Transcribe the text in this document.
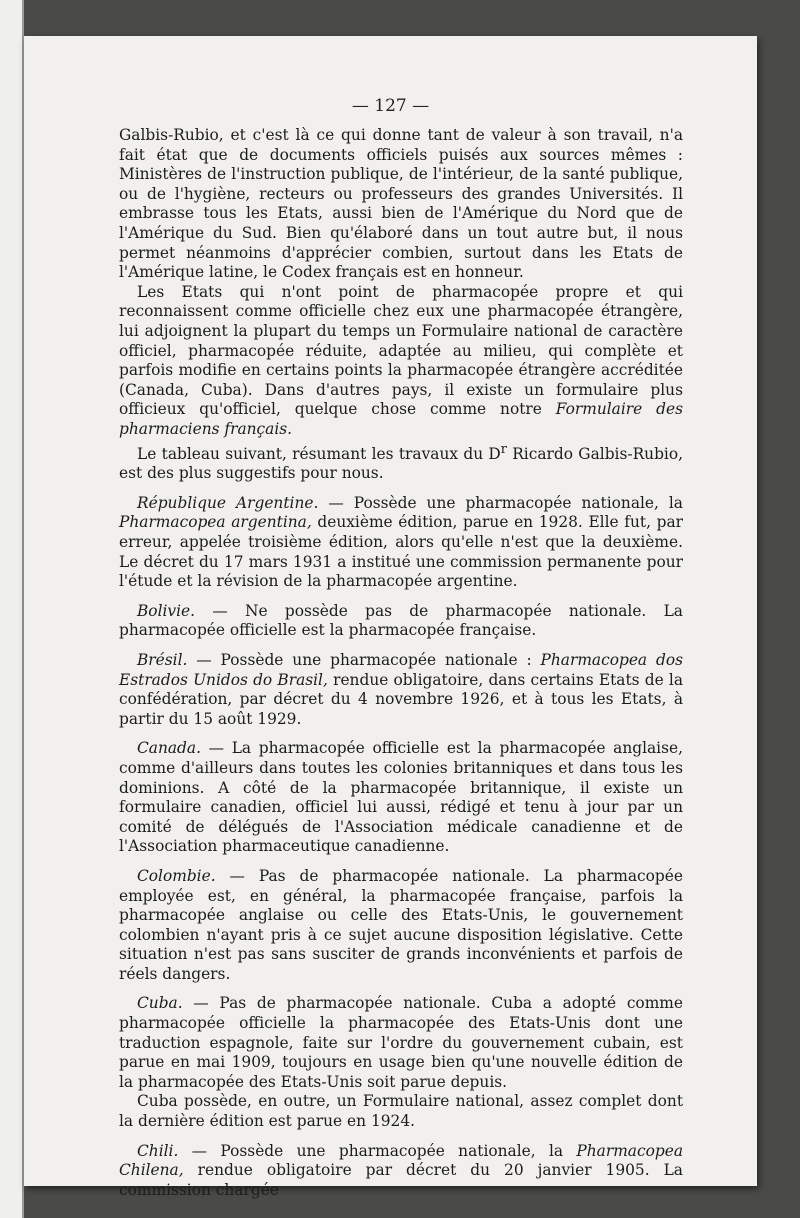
— 127 —

Galbis-Rubio, et c'est là ce qui donne tant de valeur à son travail, n'a fait état que de documents officiels puisés aux sources mêmes : Ministères de l'instruction publique, de l'intérieur, de la santé publique, ou de l'hygiène, recteurs ou professeurs des grandes Universités. Il embrasse tous les Etats, aussi bien de l'Amérique du Nord que de l'Amérique du Sud. Bien qu'élaboré dans un tout autre but, il nous permet néanmoins d'apprécier combien, surtout dans les Etats de l'Amérique latine, le Codex français est en honneur.

Les Etats qui n'ont point de pharmacopée propre et qui reconnaissent comme officielle chez eux une pharmacopée étrangère, lui adjoignent la plupart du temps un Formulaire national de caractère officiel, pharmacopée réduite, adaptée au milieu, qui complète et parfois modifie en certains points la pharmacopée étrangère accréditée (Canada, Cuba). Dans d'autres pays, il existe un formulaire plus officieux qu'officiel, quelque chose comme notre Formulaire des pharmaciens français.

Le tableau suivant, résumant les travaux du $D^r$ Ricardo Galbis-Rubio, est des plus suggestifs pour nous.

République Argentine. — Possède une pharmacopée nationale, la Pharmacopea argentina, deuxième édition, parue en 1928. Elle fut, par erreur, appelée troisième édition, alors qu'elle n'est que la deuxième. Le décret du 17 mars 1931 a institué une commission permanente pour l'étude et la révision de la pharmacopée argentine.

Bolivie. — Ne possède pas de pharmacopée nationale. La pharmacopée officielle est la pharmacopée française.

Brésil. — Possède une pharmacopée nationale : Pharmacopea dos Estrados Unidos do Brasil, rendue obligatoire, dans certains Etats de la confédération, par décret du 4 novembre 1926, et à tous les Etats, à partir du 15 août 1929.

Canada. — La pharmacopée officielle est la pharmacopée anglaise, comme d'ailleurs dans toutes les colonies britanniques et dans tous les dominions. A côté de la pharmacopée britannique, il existe un formulaire canadien, officiel lui aussi, rédigé et tenu à jour par un comité de délégués de l'Association médicale canadienne et de l'Association pharmaceutique canadienne.

Colombie. — Pas de pharmacopée nationale. La pharmacopée employée est, en général, la pharmacopée française, parfois la pharmacopée anglaise ou celle des Etats-Unis, le gouvernement colombien n'ayant pris à ce sujet aucune disposition législative. Cette situation n'est pas sans susciter de grands inconvénients et parfois de réels dangers.

Cuba. — Pas de pharmacopée nationale. Cuba a adopté comme pharmacopée officielle la pharmacopée des Etats-Unis dont une traduction espagnole, faite sur l'ordre du gouvernement cubain, est parue en mai 1909, toujours en usage bien qu'une nouvelle édition de la pharmacopée des Etats-Unis soit parue depuis.

Cuba possède, en outre, un Formulaire national, assez complet dont la dernière édition est parue en 1924.

Chili. — Possède une pharmacopée nationale, la Pharmacopea Chilena, rendue obligatoire par décret du 20 janvier 1905. La commission chargée
